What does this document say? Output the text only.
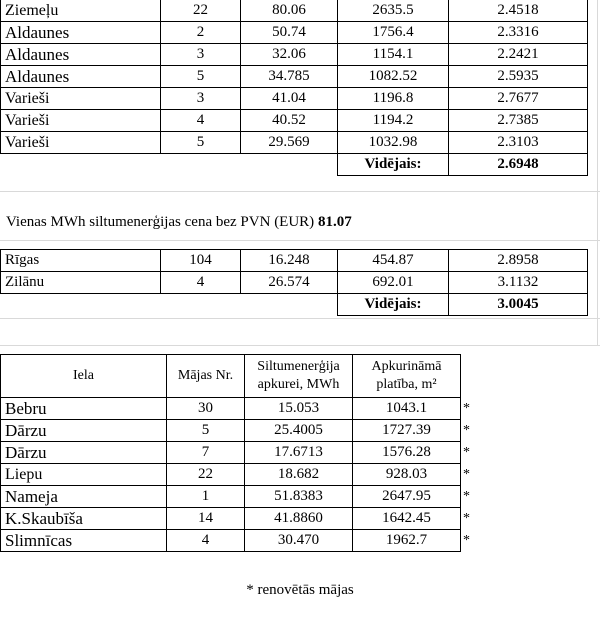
Ziemeļu	22	80.06	2635.5	2.4518
Aldaunes	2	50.74	1756.4	2.3316
Aldaunes	3	32.06	1154.1	2.2421
Aldaunes	5	34.785	1082.52	2.5935
Varieši	3	41.04	1196.8	2.7677
Varieši	4	40.52	1194.2	2.7385
Varieši	5	29.569	1032.98	2.3103
			Vidējais:	2.6948
Vienas MWh siltumenerģijas cena bez PVN (EUR) 81.07
Rīgas	104	16.248	454.87	2.8958
Zilānu	4	26.574	692.01	3.1132
			Vidējais:	3.0045
Iela	Mājas Nr.	Siltumenerģija apkurei, MWh	Apkurināmā platība, m²	
Bebru	30	15.053	1043.1	*
Dārzu	5	25.4005	1727.39	*
Dārzu	7	17.6713	1576.28	*
Liepu	22	18.682	928.03	*
Nameja	1	51.8383	2647.95	*
K.Skaubīša	14	41.8860	1642.45	*
Slimnīcas	4	30.470	1962.7	*
* renovētās mājas
